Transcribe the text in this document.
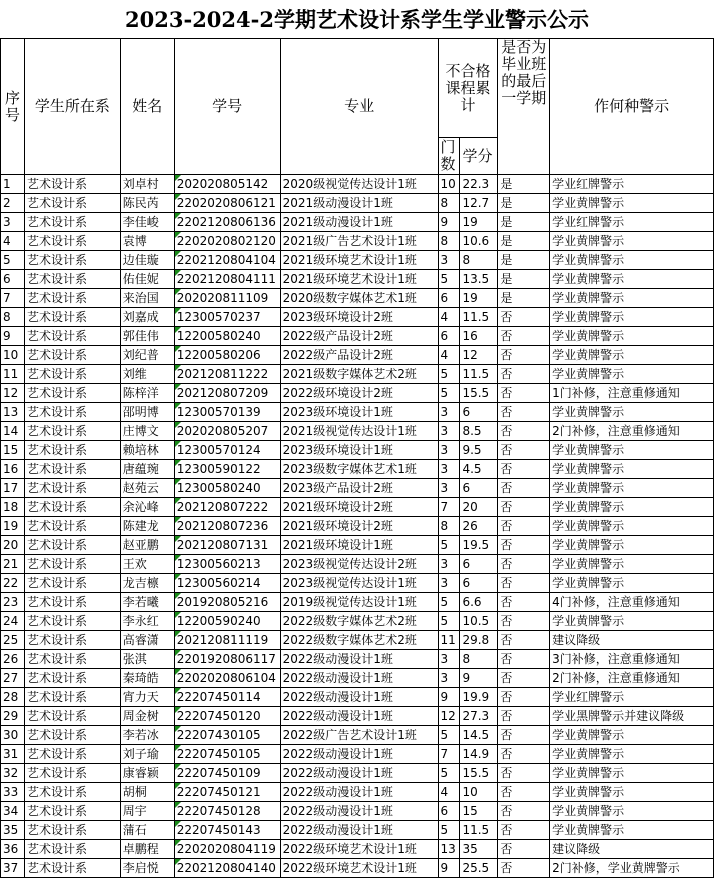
2023-2024-2学期艺术设计系学生学业警示公示
序号	学生所在系	姓名	学号	专业	不合格课程累计		是否为毕业班的最后一学期	作何种警示
					门数	学分		
1	艺术设计系	刘卓村	202020805142	2020级视觉传达设计1班	10	22.3	是	学业红牌警示
2	艺术设计系	陈民芮	2202020806121	2021级动漫设计1班	8	12.7	是	学业黄牌警示
3	艺术设计系	李佳峻	2202120806136	2021级动漫设计1班	9	19	是	学业红牌警示
4	艺术设计系	袁博	2202020802120	2021级广告艺术设计1班	8	10.6	是	学业黄牌警示
5	艺术设计系	边佳璇	2202120804104	2021级环境艺术设计1班	3	8	是	学业黄牌警示
6	艺术设计系	佑佳妮	2202120804111	2021级环境艺术设计1班	5	13.5	是	学业黄牌警示
7	艺术设计系	来治国	202020811109	2020级数字媒体艺术1班	6	19	是	学业黄牌警示
8	艺术设计系	刘嘉成	12300570237	2023级环境设计2班	4	11.5	否	学业黄牌警示
9	艺术设计系	郭佳伟	12200580240	2022级产品设计2班	6	16	否	学业黄牌警示
10	艺术设计系	刘纪普	12200580206	2022级产品设计2班	4	12	否	学业黄牌警示
11	艺术设计系	刘维	202120811222	2021级数字媒体艺术2班	5	11.5	否	学业黄牌警示
12	艺术设计系	陈梓洋	202120807209	2022级环境设计2班	5	15.5	否	1门补修，注意重修通知
13	艺术设计系	邵明博	12300570139	2023级环境设计1班	3	6	否	学业黄牌警示
14	艺术设计系	庄博文	202020805207	2021级视觉传达设计1班	3	8.5	否	2门补修，注意重修通知
15	艺术设计系	赖培林	12300570124	2023级环境设计1班	3	9.5	否	学业黄牌警示
16	艺术设计系	唐蕴琬	12300590122	2023级数字媒体艺术1班	3	4.5	否	学业黄牌警示
17	艺术设计系	赵苑云	12300580240	2023级产品设计2班	3	6	否	学业黄牌警示
18	艺术设计系	余沁峰	202120807222	2021级环境设计2班	7	20	否	学业黄牌警示
19	艺术设计系	陈建龙	202120807236	2021级环境设计2班	8	26	否	学业黄牌警示
20	艺术设计系	赵亚鹏	202120807131	2021级环境设计1班	5	19.5	否	学业黄牌警示
21	艺术设计系	王欢	12300560213	2023级视觉传达设计2班	3	6	否	学业黄牌警示
22	艺术设计系	龙吉檩	12300560214	2023级视觉传达设计1班	3	6	否	学业黄牌警示
23	艺术设计系	李若曦	201920805216	2019级视觉传达设计1班	5	6.6	否	4门补修，注意重修通知
24	艺术设计系	李永红	12200590240	2022级数字媒体艺术2班	5	10.5	否	学业黄牌警示
25	艺术设计系	高睿潇	202120811119	2022级数字媒体艺术2班	11	29.8	否	建议降级
26	艺术设计系	张淇	2201920806117	2022级动漫设计1班	3	8	否	3门补修，注意重修通知
27	艺术设计系	秦琦皓	2202020806104	2022级动漫设计1班	3	9	否	2门补修，注意重修通知
28	艺术设计系	宵力天	22207450114	2022级动漫设计1班	9	19.9	否	学业红牌警示
29	艺术设计系	周金树	22207450120	2022级动漫设计1班	12	27.3	否	学业黑牌警示并建议降级
30	艺术设计系	李若冰	22207430105	2022级广告艺术设计1班	5	14.5	否	学业黄牌警示
31	艺术设计系	刘子瑜	22207450105	2022级动漫设计1班	7	14.9	否	学业黄牌警示
32	艺术设计系	康睿颖	22207450109	2022级动漫设计1班	5	15.5	否	学业黄牌警示
33	艺术设计系	胡桐	22207450121	2022级动漫设计1班	4	10	否	学业黄牌警示
34	艺术设计系	周宇	22207450128	2022级动漫设计1班	6	15	否	学业黄牌警示
35	艺术设计系	蒲石	22207450143	2022级动漫设计1班	5	11.5	否	学业黄牌警示
36	艺术设计系	卓鹏程	2202020804119	2022级环境艺术设计1班	13	35	否	建议降级
37	艺术设计系	李启悦	2202120804140	2022级环境艺术设计1班	9	25.5	否	2门补修，学业黄牌警示
